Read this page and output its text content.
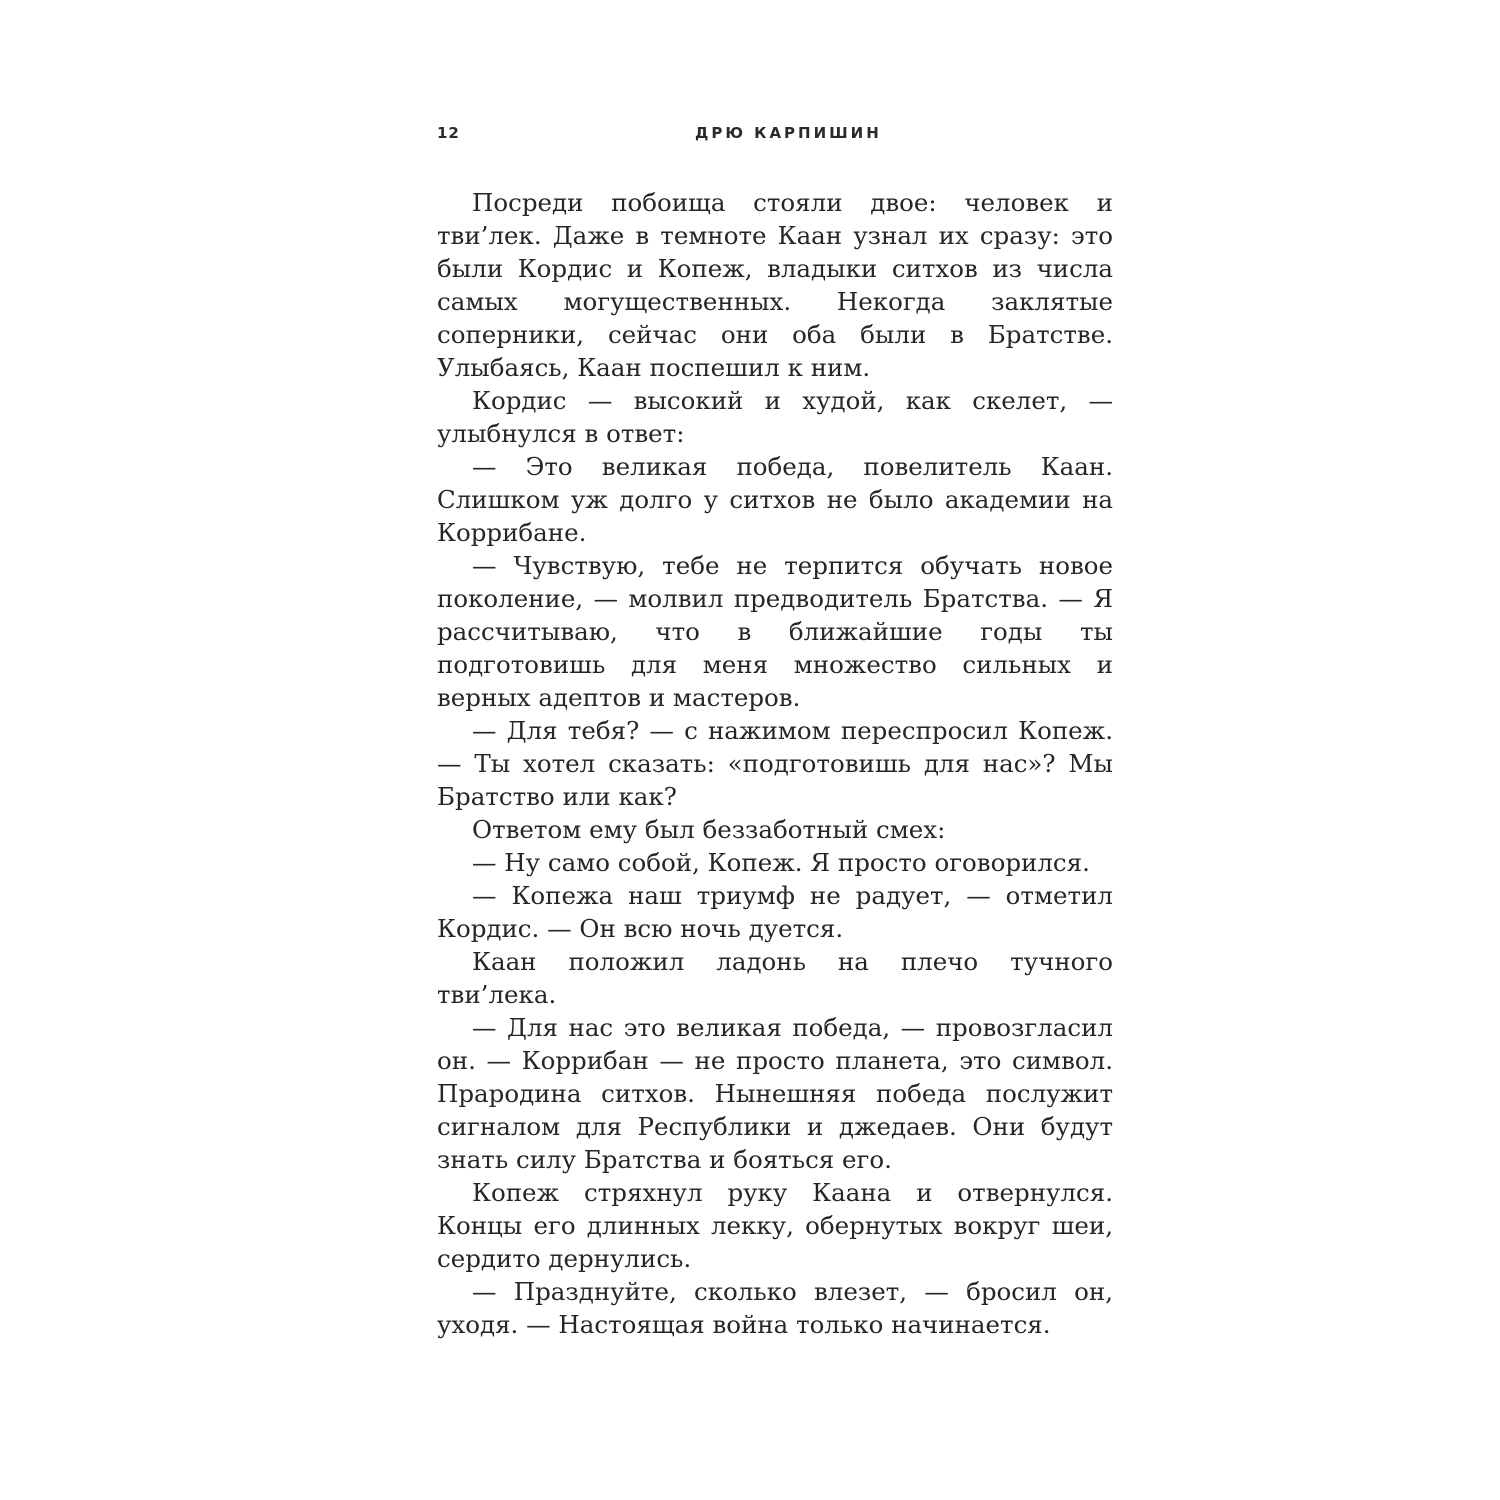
12	ДРЮ КАРПИШИН

Посреди побоища стояли двое: человек и тви’лек. Даже в темноте Каан узнал их сразу: это были Кордис и Копеж, владыки ситхов из числа самых могущественных. Некогда заклятые соперники, сейчас они оба были в Братстве. Улыбаясь, Каан поспешил к ним.

Кордис — высокий и худой, как скелет, — улыбнулся в ответ:

— Это великая победа, повелитель Каан. Слишком уж долго у ситхов не было академии на Коррибане.

— Чувствую, тебе не терпится обучать новое поколение, — молвил предводитель Братства. — Я рассчитываю, что в ближайшие годы ты подготовишь для меня множество сильных и верных адептов и мастеров.

— Для тебя? — с нажимом переспросил Копеж. — Ты хотел сказать: «подготовишь для нас»? Мы Братство или как?

Ответом ему был беззаботный смех:

— Ну само собой, Копеж. Я просто оговорился.

— Копежа наш триумф не радует, — отметил Кордис. — Он всю ночь дуется.

Каан положил ладонь на плечо тучного тви’лека.

— Для нас это великая победа, — провозгласил он. — Коррибан — не просто планета, это символ. Прародина ситхов. Нынешняя победа послужит сигналом для Республики и джедаев. Они будут знать силу Братства и бояться его.

Копеж стряхнул руку Каана и отвернулся. Концы его длинных лекку, обернутых вокруг шеи, сердито дернулись.

— Празднуйте, сколько влезет, — бросил он, уходя. — Настоящая война только начинается.
